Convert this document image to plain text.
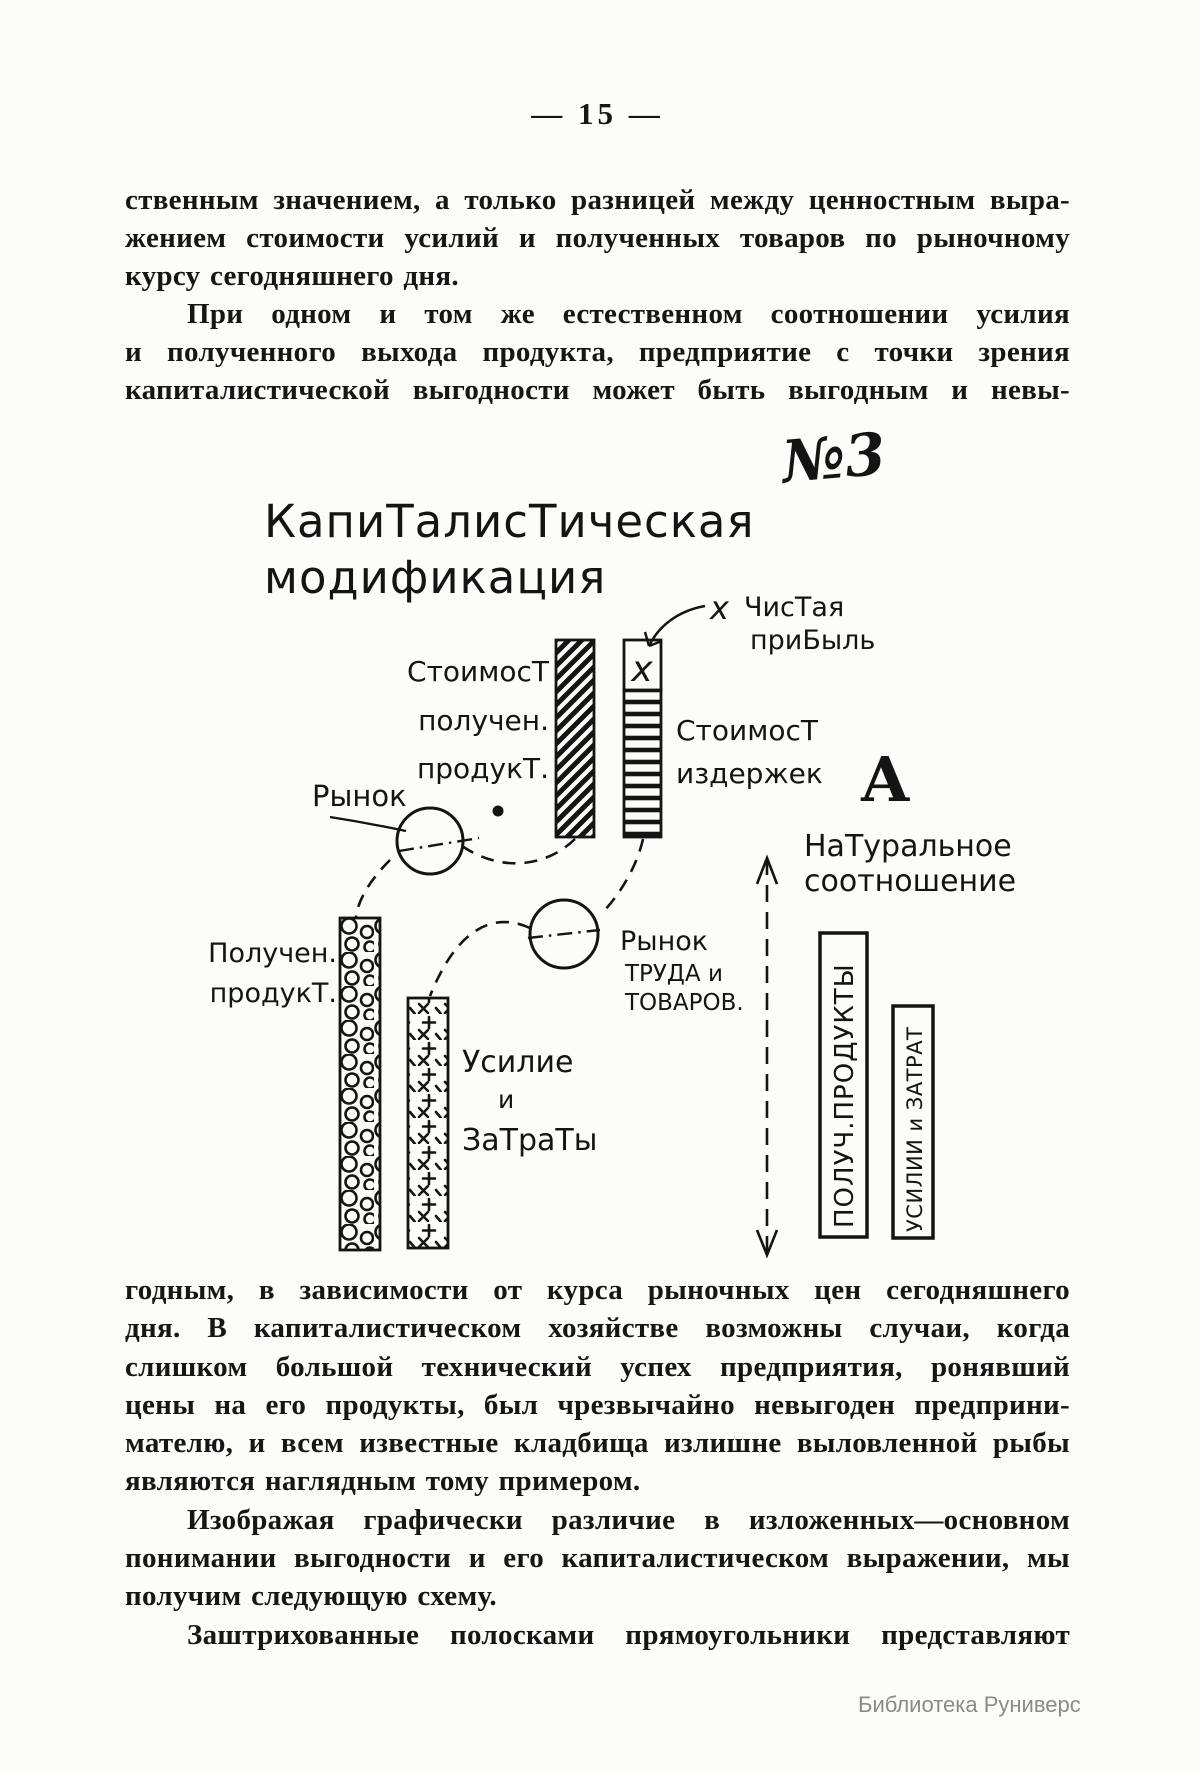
— 15 —
ственным значением, а только разницей между ценностным выра-
жением стоимости усилий и полученных товаров по рыночному
курсу сегодняшнего дня.
При одном и том же естественном соотношении усилия
и полученного выхода продукта, предприятие с точки зрения
капиталистической выгодности может быть выгодным и невы-
№3
КапиТалисТическая
модификация
х
х ЧисТая
приБыль
СтоимосТ
получен.
продукТ.
СтоимосТ
издержек А
НаТуральное
соотношение
Рынок
Рынок
ТРУДА и
ТОВАРОВ.
Получен.
продукТ.
Усилие
и
ЗаТраТы	ПОЛУЧ.ПРОДУКТЫ УСИЛИИ и ЗАТРАТ
годным, в зависимости от курса рыночных цен сегодняшнего
дня. В капиталистическом хозяйстве возможны случаи, когда
слишком большой технический успех предприятия, ронявший
цены на его продукты, был чрезвычайно невыгоден предприни-
мателю, и всем известные кладбища излишне выловленной рыбы
являются наглядным тому примером.
Изображая графически различие в изложенных—основном
понимании выгодности и его капиталистическом выражении, мы
получим следующую схему.
Заштрихованные полосками прямоугольники представляют
Библиотека Руниверс
